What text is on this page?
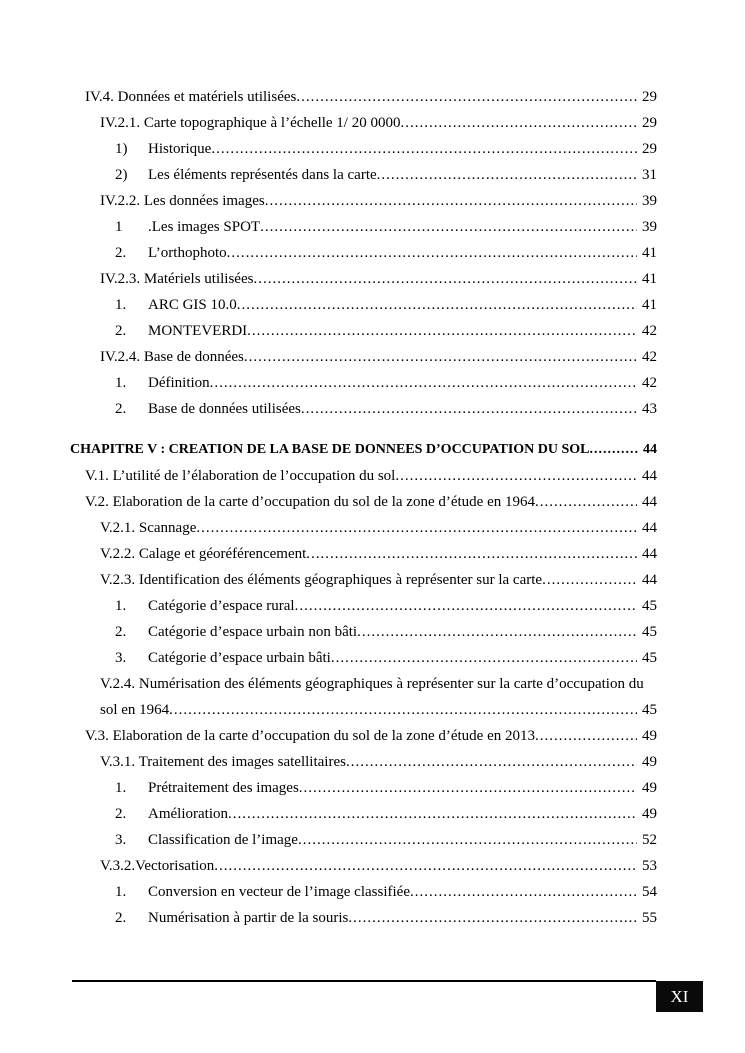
IV.4. Données et matériels utilisées .....	29
IV.2.1. Carte topographique à l’échelle 1/ 20 0000 .....	29
1)	Historique .....	29
2)	Les éléments représentés dans la carte .....	31
IV.2.2. Les données images .....	39
1	.Les images SPOT .....	39
2.	L’orthophoto .....	41
IV.2.3. Matériels utilisées .....	41
1.	ARC GIS 10.0 .....	41
2.	MONTEVERDI .....	42
IV.2.4. Base de données .....	42
1.	Définition .....	42
2.	Base de données utilisées .....	43
CHAPITRE V : CREATION DE LA BASE DE DONNEES D’OCCUPATION DU SOL .....	44
V.1. L’utilité de l’élaboration de l’occupation du sol .....	44
V.2. Elaboration de la carte d’occupation du sol de la zone d’étude en 1964 .....	44
V.2.1. Scannage .....	44
V.2.2. Calage et géoréférencement .....	44
V.2.3. Identification des éléments géographiques à représenter sur la carte .....	44
1.	Catégorie d’espace rural .....	45
2.	Catégorie d’espace urbain non bâti .....	45
3.	Catégorie d’espace urbain bâti .....	45
V.2.4. Numérisation des éléments géographiques à représenter sur la carte d’occupation du
sol en 1964 .....	45
V.3. Elaboration de la carte d’occupation du sol de la zone d’étude en 2013 .....	49
V.3.1. Traitement des images satellitaires .....	49
1.	Prétraitement des images .....	49
2.	Amélioration .....	49
3.	Classification de l’image .....	52
V.3.2.Vectorisation .....	53
1.	Conversion en vecteur de l’image classifiée .....	54
2.	Numérisation à partir de la souris .....	55
XI
